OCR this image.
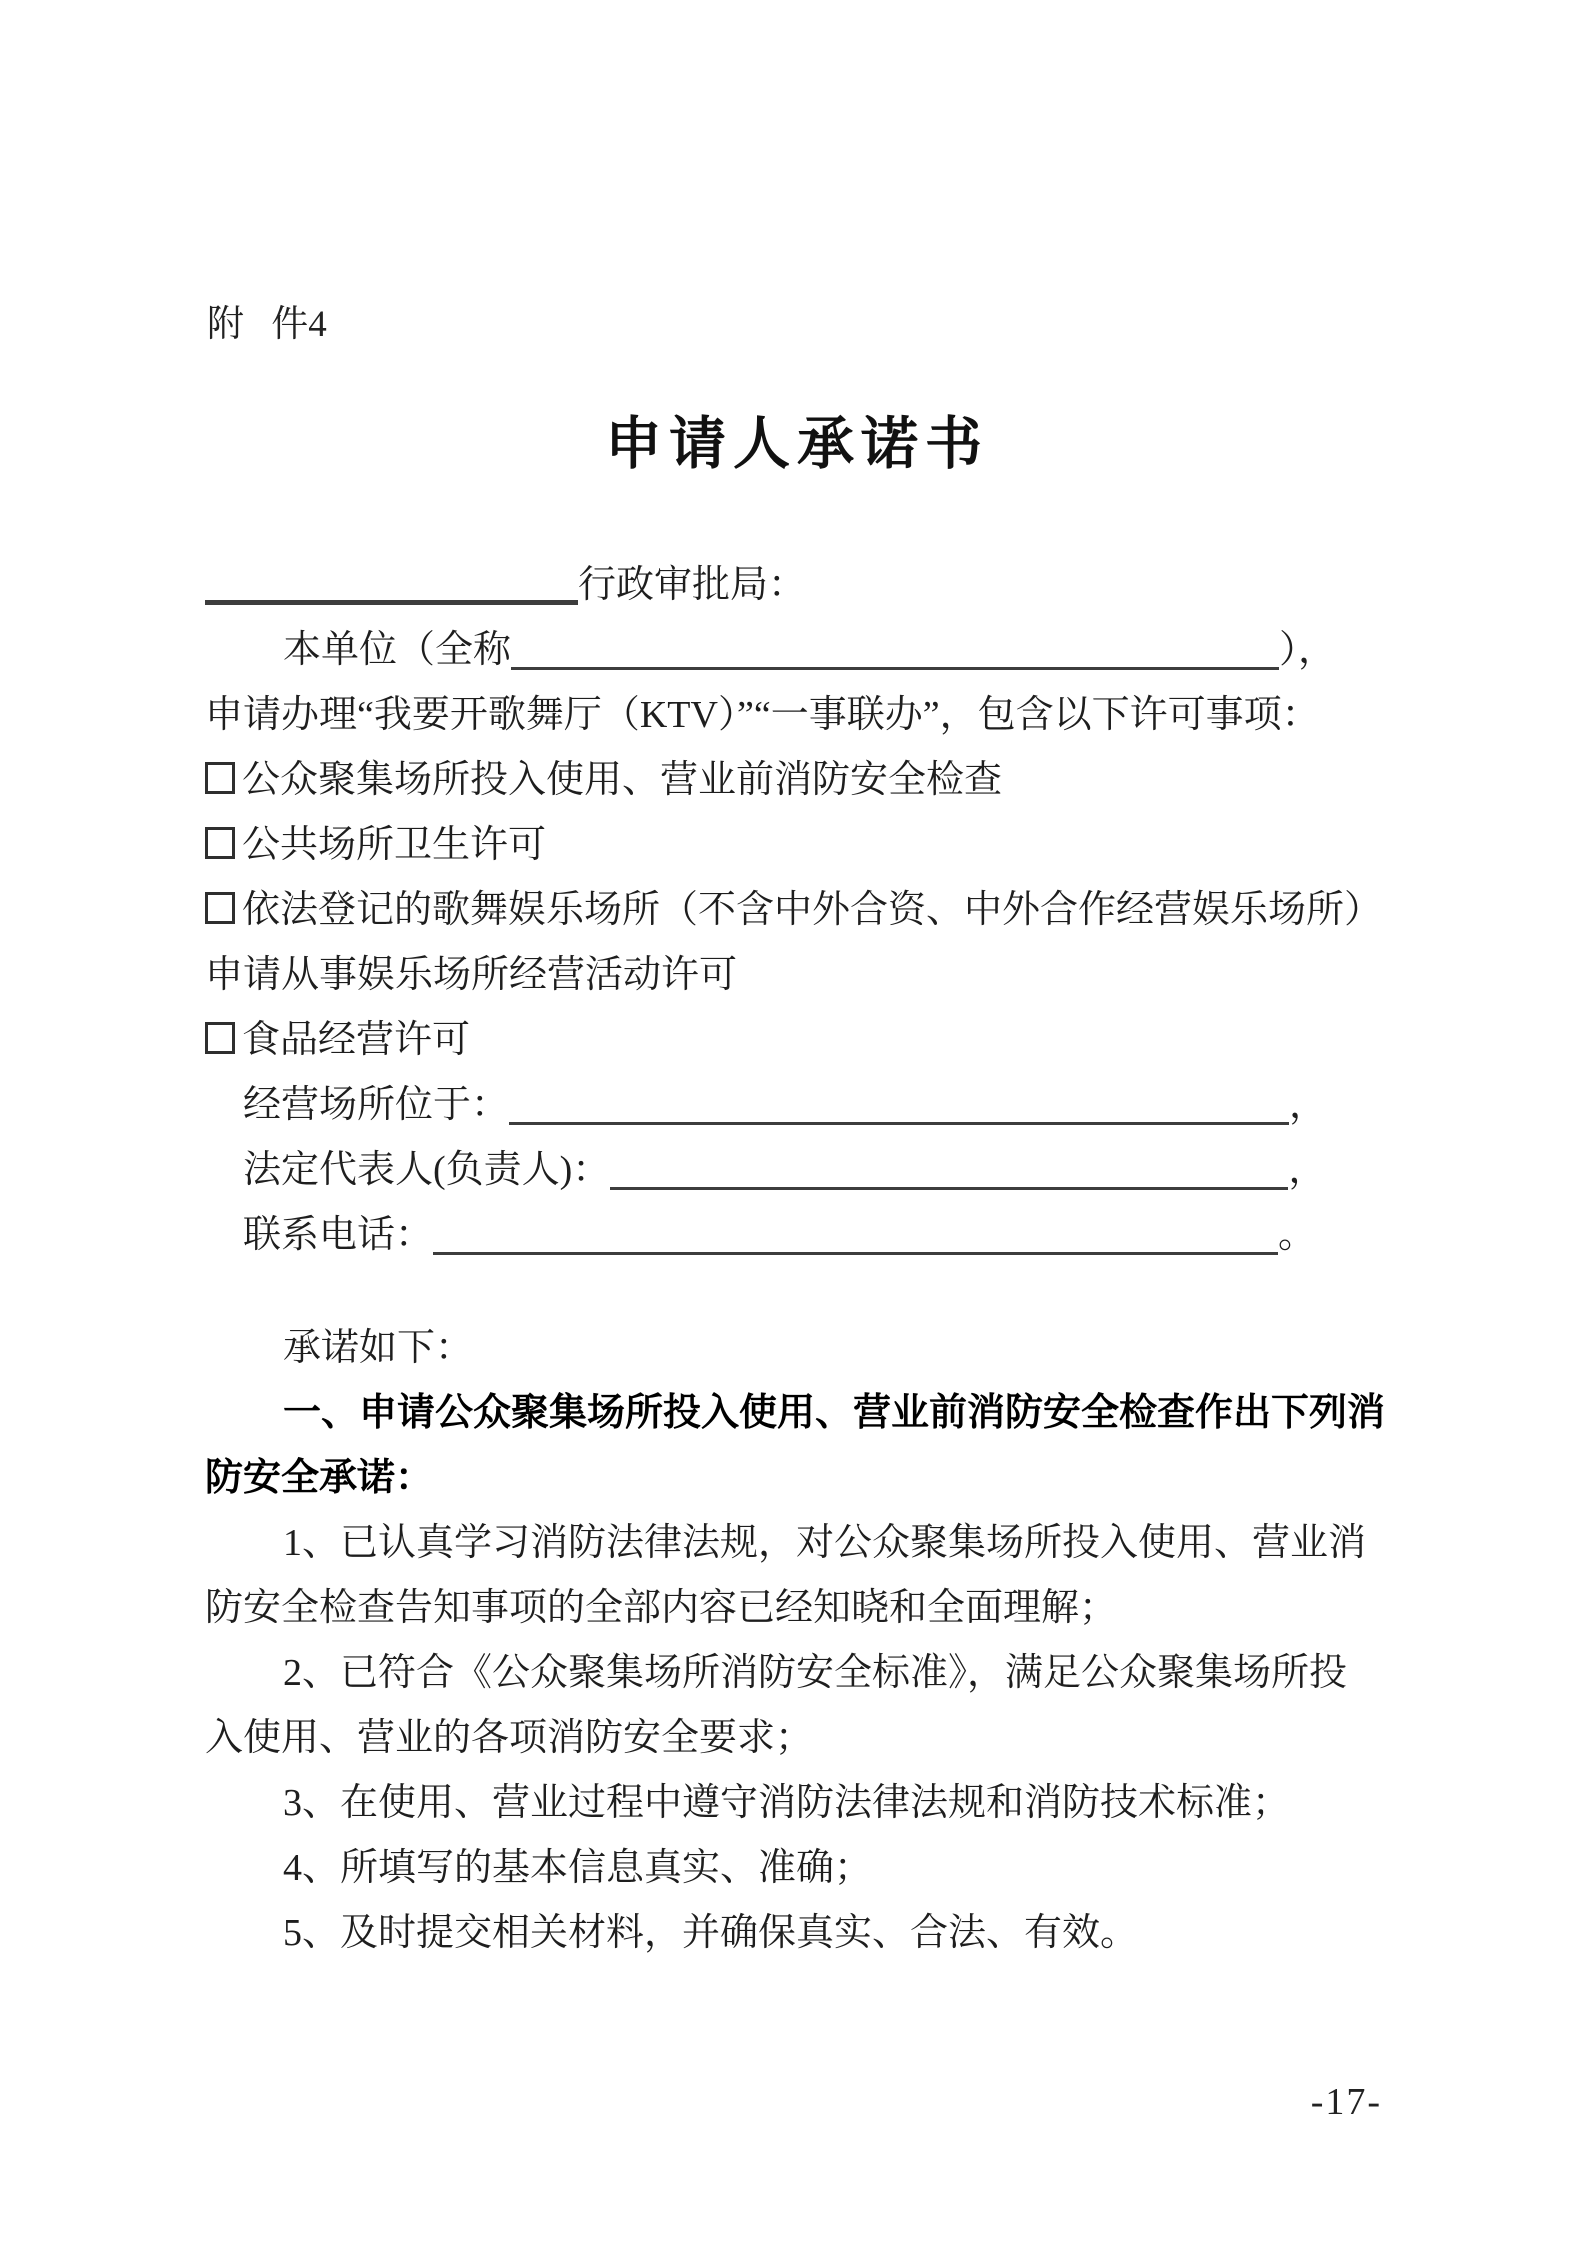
附 件4
申请人承诺书

行政审批局：

本单位（全称	），

申请办理“我要开歌舞厅（KTV）”“一事联办”，包含以下许可事项：

公众聚集场所投入使用、营业前消防安全检查

公共场所卫生许可

依法登记的歌舞娱乐场所（不含中外合资、中外合作经营娱乐场所）

申请从事娱乐场所经营活动许可

食品经营许可

经营场所位于：	，

法定代表人(负责人)：	，

联系电话：	。

承诺如下：

一、申请公众聚集场所投入使用、营业前消防安全检查作出下列消

防安全承诺：

1、已认真学习消防法律法规，对公众聚集场所投入使用、营业消

防安全检查告知事项的全部内容已经知晓和全面理解；

2、已符合《公众聚集场所消防安全标准》，满足公众聚集场所投

入使用、营业的各项消防安全要求；

3、在使用、营业过程中遵守消防法律法规和消防技术标准；

4、所填写的基本信息真实、准确；

5、及时提交相关材料，并确保真实、合法、有效。

-17-
